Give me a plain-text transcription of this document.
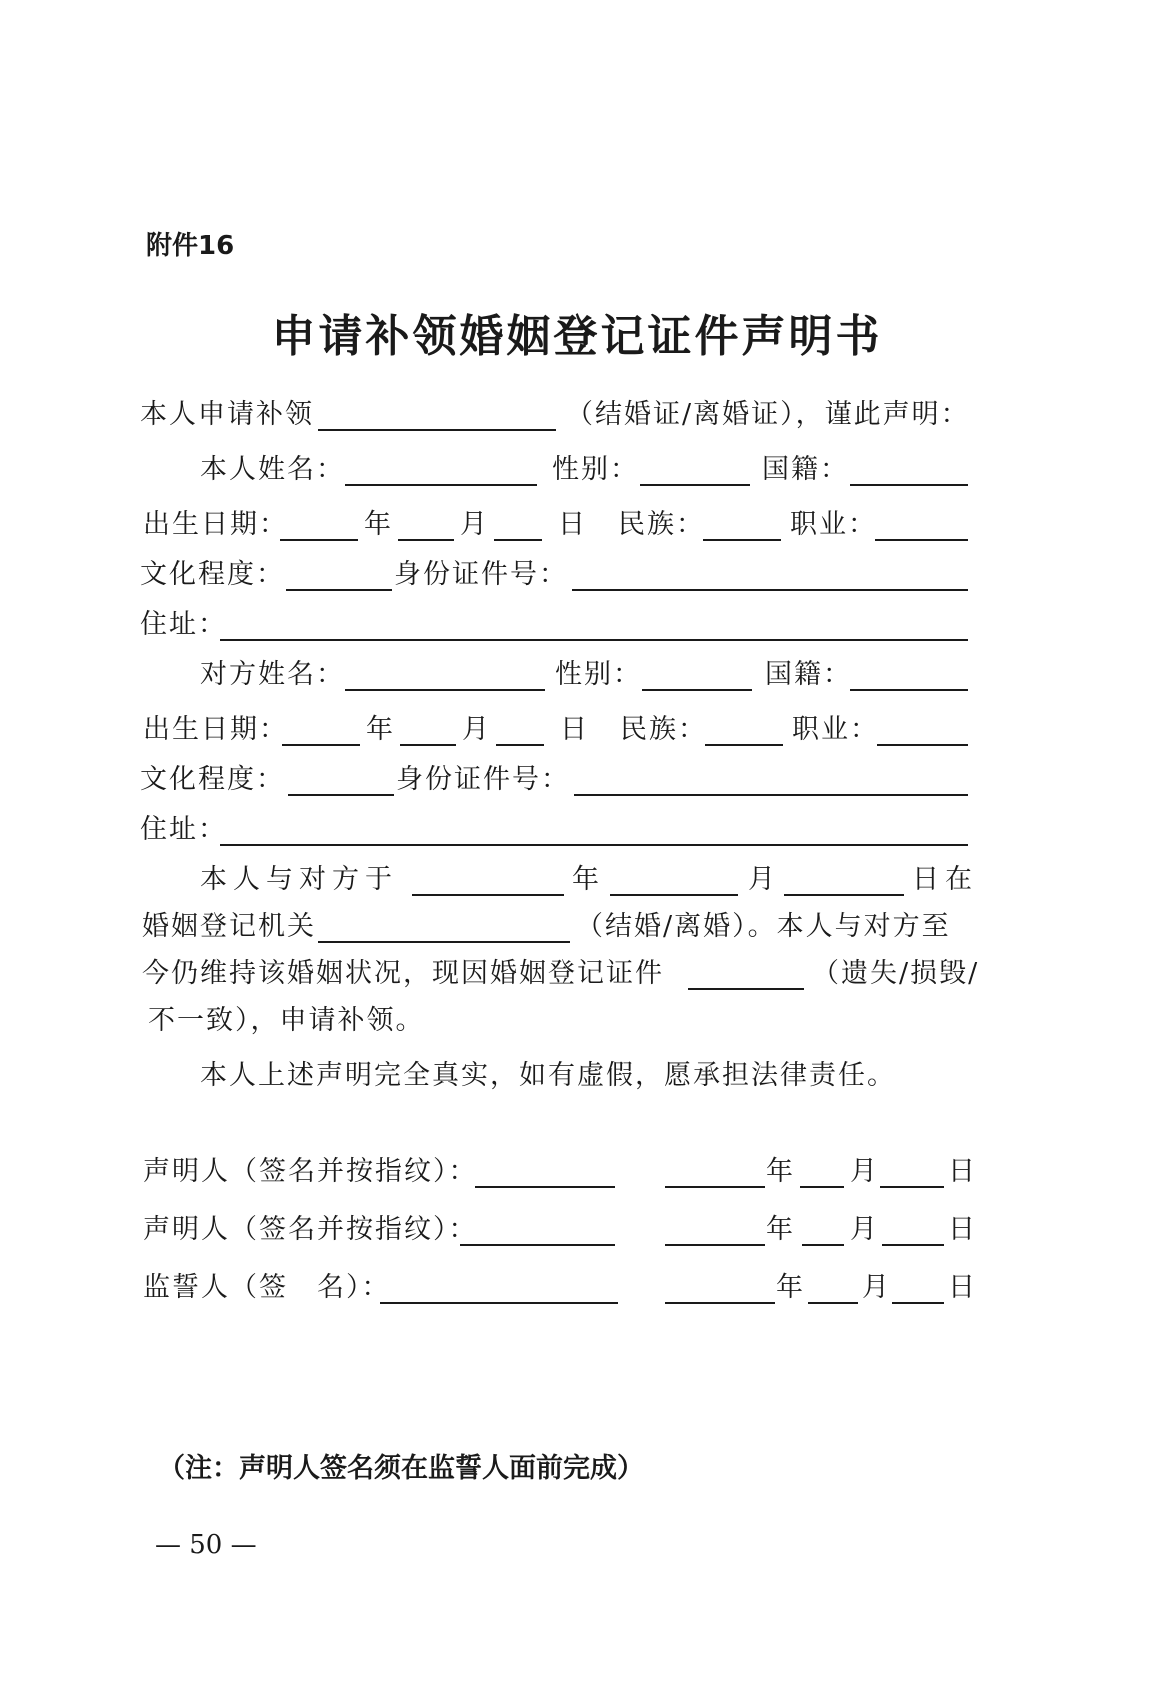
附件16
申请补领婚姻登记证件声明书
本人申请补领	（结婚证/离婚证），谨此声明：
本人姓名：	性别：	国籍：
出生日期：	年 月	日 民族：	职业：
文化程度：	身份证件号：
住址：
对方姓名：	性别：	国籍：
出生日期：	年 月	日 民族：	职业：
文化程度：	身份证件号：
住址：
本人与对方于	年	月	日在
婚姻登记机关	（结婚/离婚）。本人与对方至
今仍维持该婚姻状况，现因婚姻登记证件	（遗失/损毁/
不一致），申请补领。
本人上述声明完全真实，如有虚假，愿承担法律责任。
声明人（签名并按指纹）：	年 月	日
声明人（签名并按指纹）：	年 月	日
监誓人（签　名）：	年 月 日
（注：声明人签名须在监誓人面前完成）
— 50 —
